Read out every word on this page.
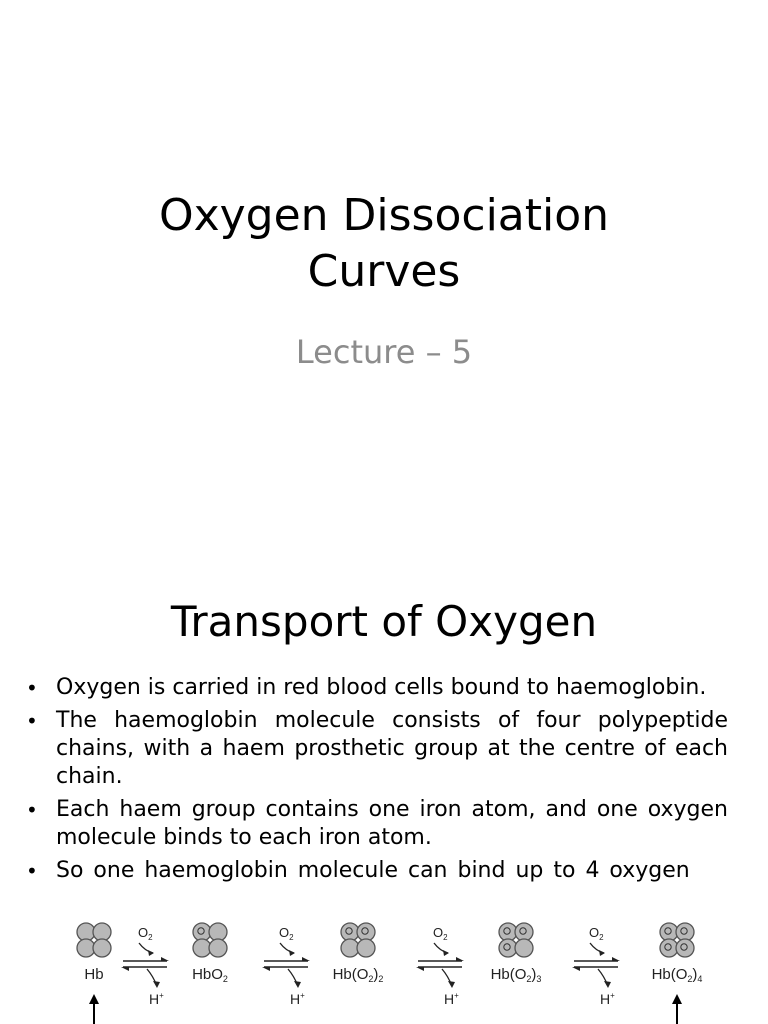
Oxygen Dissociation
Curves
Lecture – 5
Transport of Oxygen
• Oxygen is carried in red blood cells bound to haemoglobin.
• The haemoglobin molecule consists of four polypeptide chains, with a haem prosthetic group at the centre of each chain.
• Each haem group contains one iron atom, and one oxygen molecule binds to each iron atom.
• So one haemoglobin molecule can bind up to 4 oxygen
Hb	HbO$_2$	$Hb(O_2)_2$	$Hb(O_2)_3$	$Hb(O_2)_4$
$O_2$
H+
$O_2$
H+
$O_2$
H+
$O_2$
H+
